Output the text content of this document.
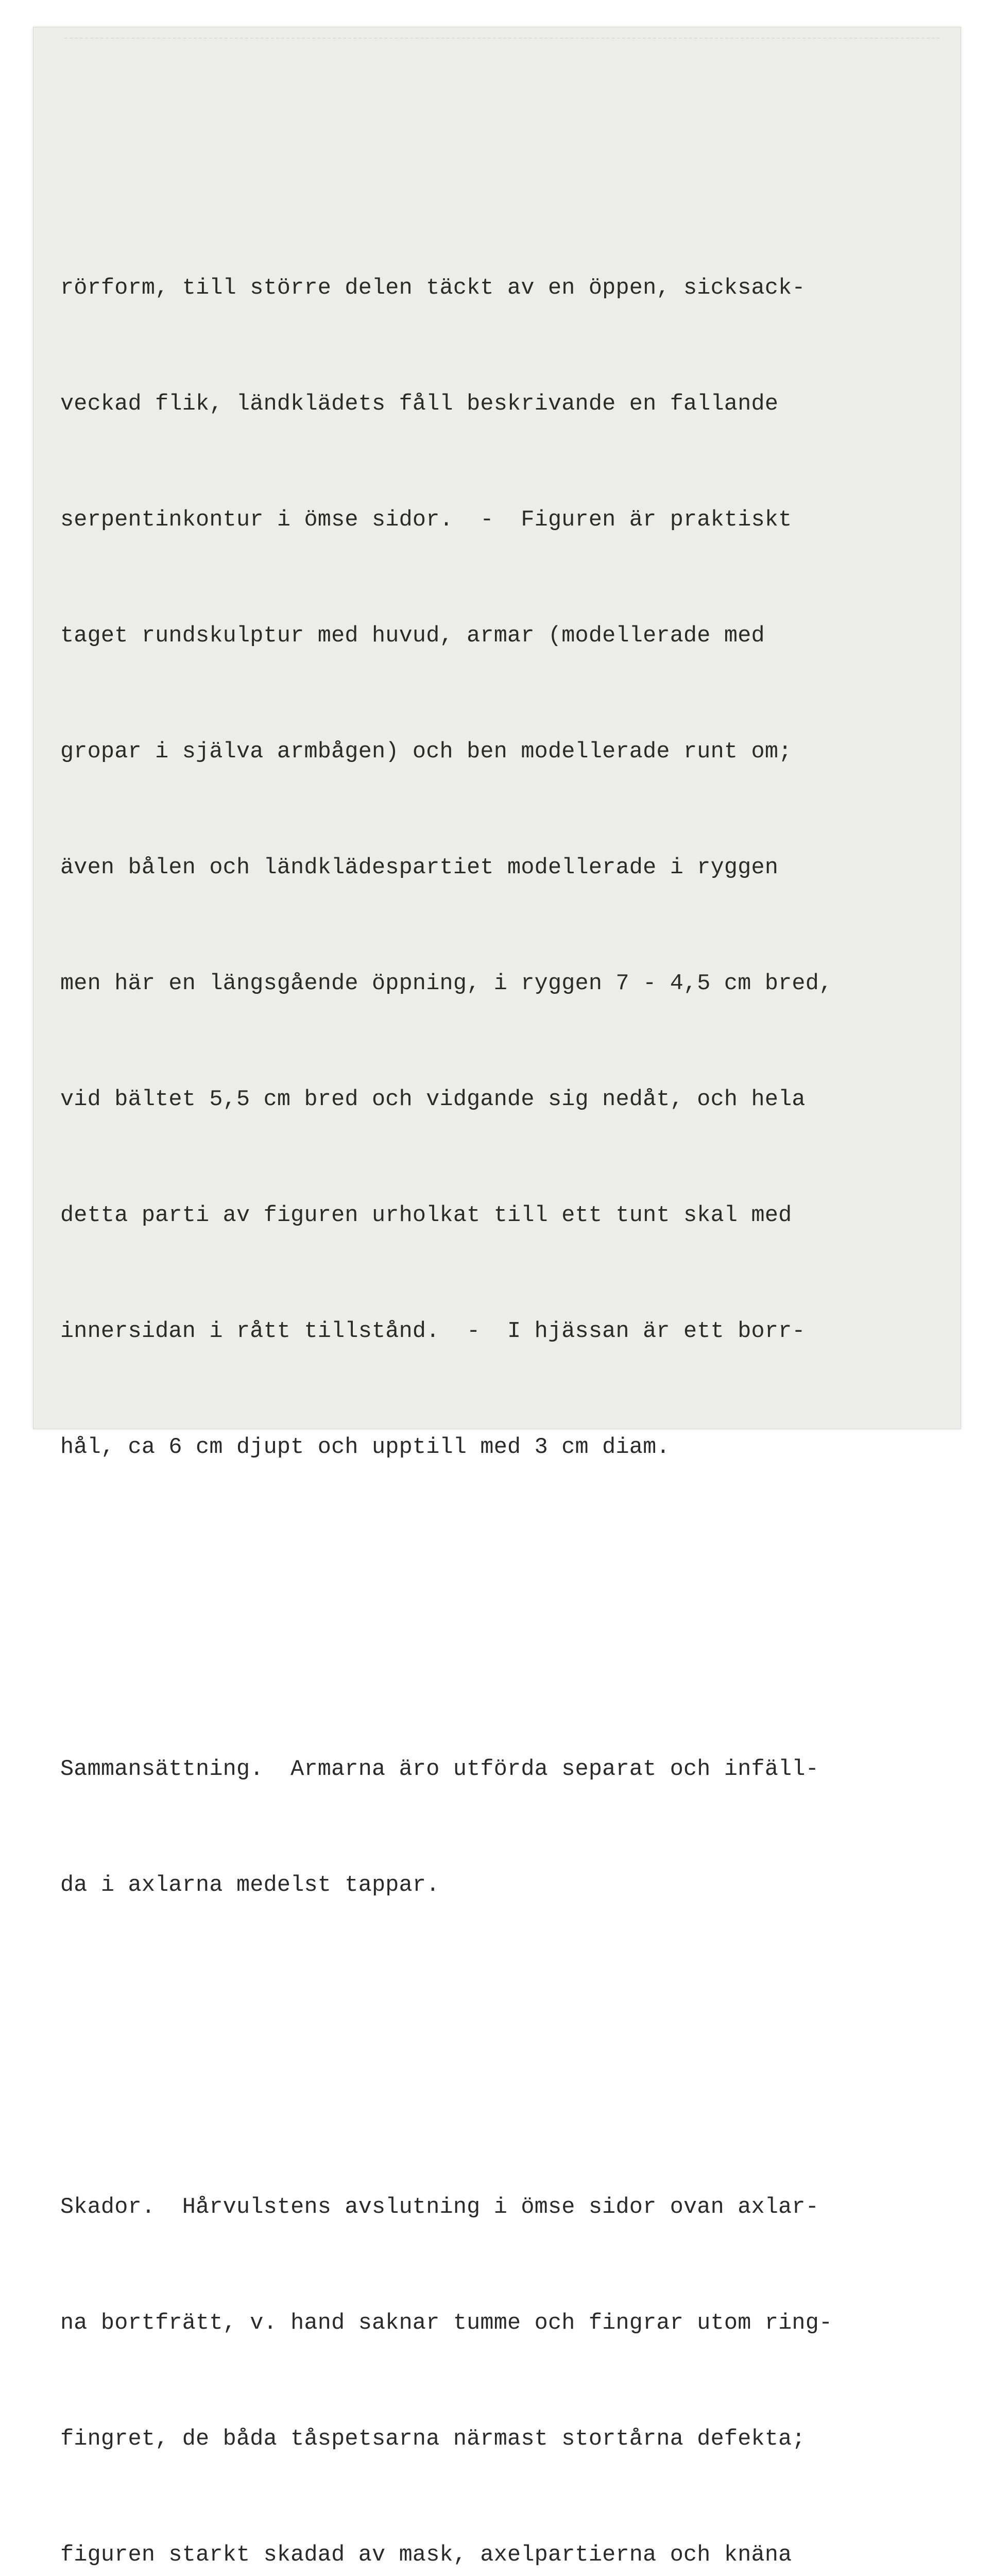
rörform, till större delen täckt av en öppen, sicksack-

veckad flik, ländklädets fåll beskrivande en fallande

serpentinkontur i ömse sidor.  -  Figuren är praktiskt

taget rundskulptur med huvud, armar (modellerade med

gropar i själva armbågen) och ben modellerade runt om;

även bålen och ländklädespartiet modellerade i ryggen

men här en längsgående öppning, i ryggen 7 - 4,5 cm bred,

vid bältet 5,5 cm bred och vidgande sig nedåt, och hela

detta parti av figuren urholkat till ett tunt skal med

innersidan i rått tillstånd.  -  I hjässan är ett borr-

hål, ca 6 cm djupt och upptill med 3 cm diam.

Sammansättning.  Armarna äro utförda separat och infäll-

da i axlarna medelst tappar.

Skador.  Hårvulstens avslutning i ömse sidor ovan axlar-

na bortfrätt, v. hand saknar tumme och fingrar utom ring-

fingret, de båda tåspetsarna närmast stortårna defekta;

figuren starkt skadad av mask, axelpartierna och knäna
